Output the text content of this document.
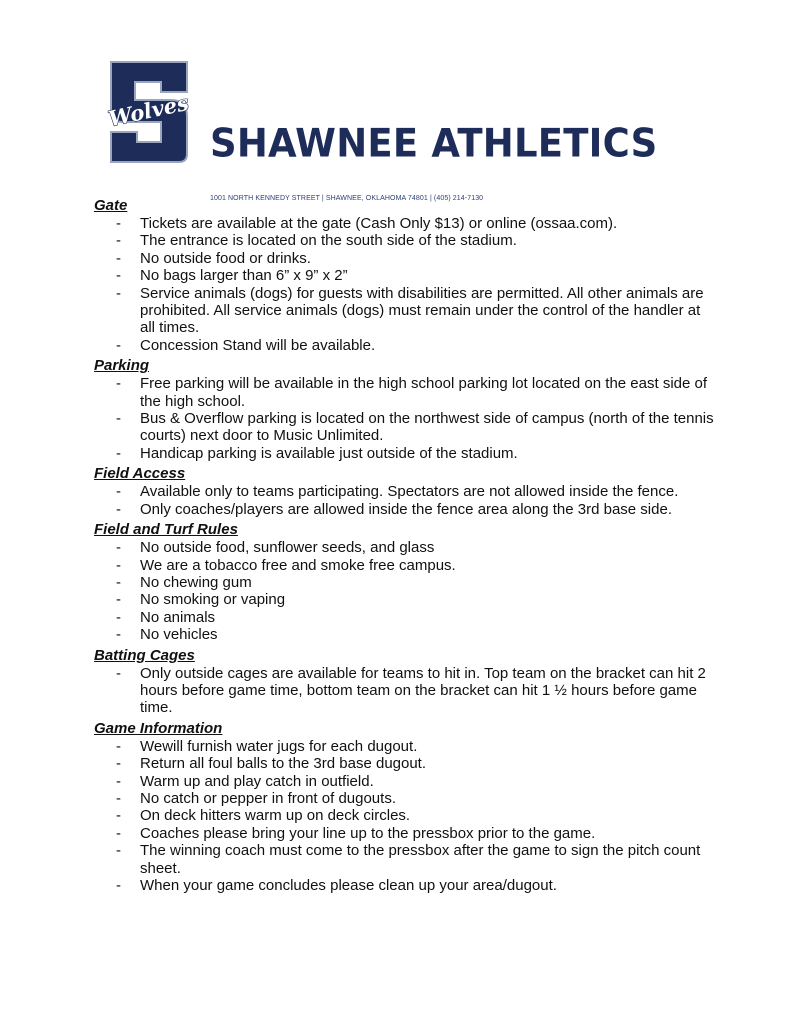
Wolves
SHAWNEE ATHLETICS
1001 NORTH KENNEDY STREET | SHAWNEE, OKLAHOMA 74801 | (405) 214-7130
Gate
- Tickets are available at the gate (Cash Only $13) or online (ossaa.com).
- The entrance is located on the south side of the stadium.
- No outside food or drinks.
- No bags larger than 6” x 9” x 2”
- Service animals (dogs) for guests with disabilities are permitted. All other animals are prohibited. All service animals (dogs) must remain under the control of the handler at all times.
- Concession Stand will be available.
Parking
- Free parking will be available in the high school parking lot located on the east side of the high school.
- Bus & Overflow parking is located on the northwest side of campus (north of the tennis courts) next door to Music Unlimited.
- Handicap parking is available just outside of the stadium.
Field Access
- Available only to teams participating. Spectators are not allowed inside the fence.
- Only coaches/players are allowed inside the fence area along the 3rd base side.
Field and Turf Rules
- No outside food, sunflower seeds, and glass
- We are a tobacco free and smoke free campus.
- No chewing gum
- No smoking or vaping
- No animals
- No vehicles
Batting Cages
- Only outside cages are available for teams to hit in. Top team on the bracket can hit 2 hours before game time, bottom team on the bracket can hit 1 ½ hours before game time.
Game Information
- Wewill furnish water jugs for each dugout.
- Return all foul balls to the 3rd base dugout.
- Warm up and play catch in outfield.
- No catch or pepper in front of dugouts.
- On deck hitters warm up on deck circles.
- Coaches please bring your line up to the pressbox prior to the game.
- The winning coach must come to the pressbox after the game to sign the pitch count sheet.
- When your game concludes please clean up your area/dugout.
